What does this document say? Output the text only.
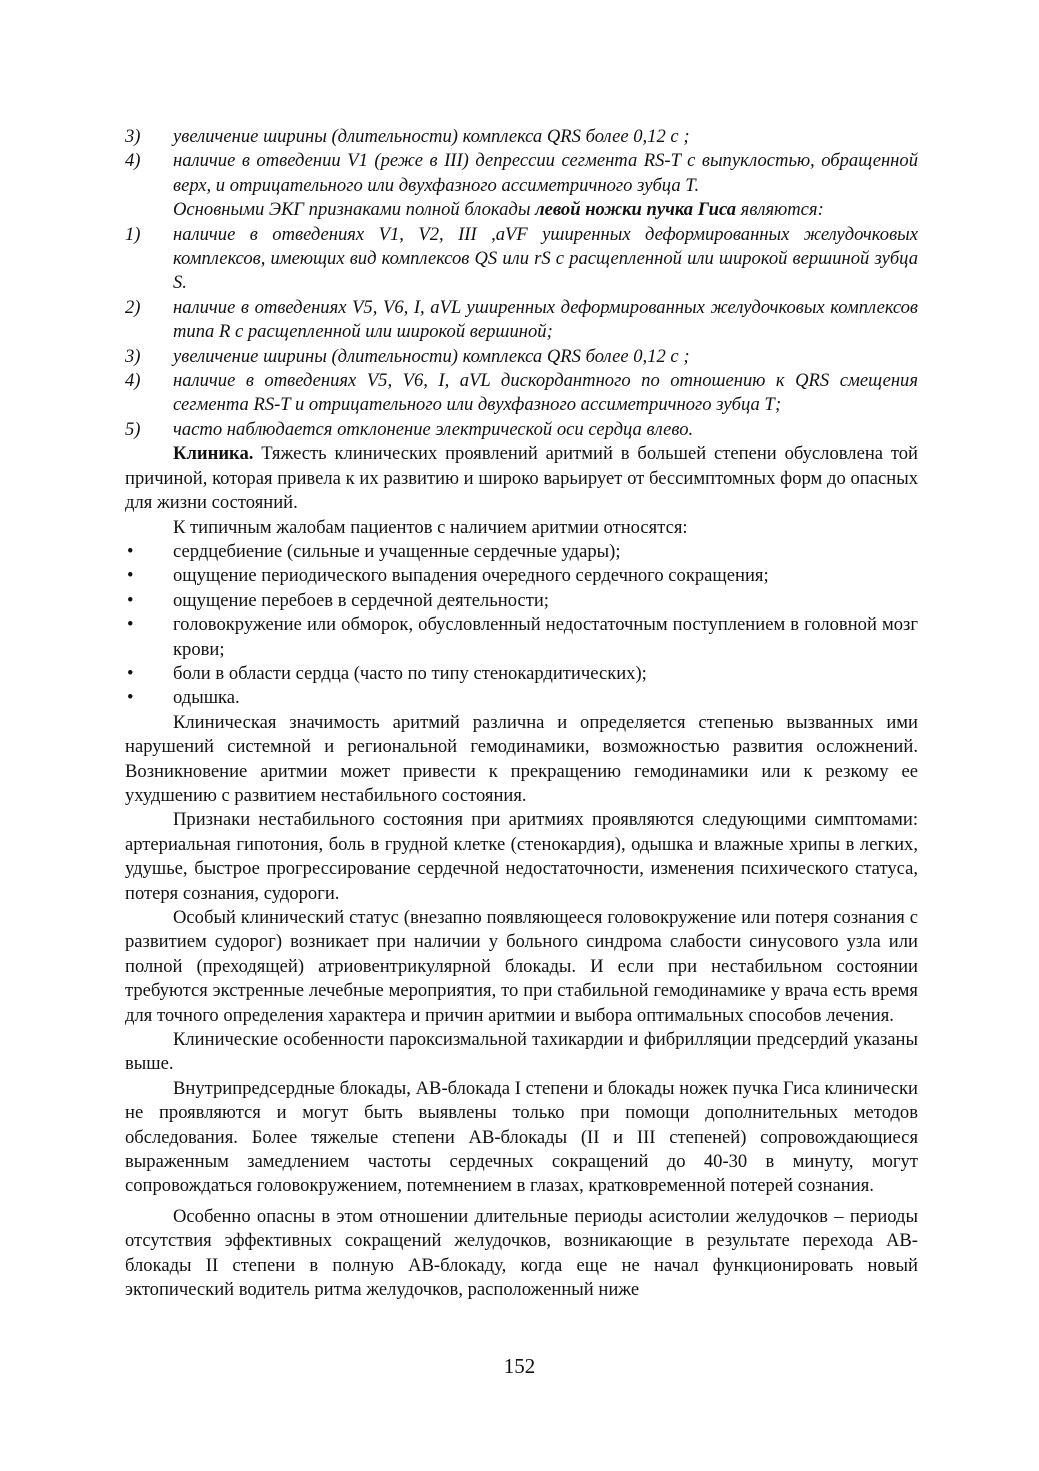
3)	увеличение ширины (длительности) комплекса QRS более 0,12 с ;
4)	наличие в отведении V1 (реже в III) депрессии сегмента RS-T с выпуклостью, обращенной верх, и отрицательного или двухфазного ассиметричного зубца Т.
Основными ЭКГ признаками полной блокады левой ножки пучка Гиса являются:
1)	наличие в отведениях V1, V2, III ,aVF уширенных деформированных желудочковых комплексов, имеющих вид комплексов QS или rS с расщепленной или широкой вершиной зубца S.
2)	наличие в отведениях V5, V6, I, aVL уширенных деформированных желудочковых комплексов типа R с расщепленной или широкой вершиной;
3)	увеличение ширины (длительности) комплекса QRS более 0,12 с ;
4)	наличие в отведениях V5, V6, I, aVL дискордантного по отношению к QRS смещения сегмента RS-T и отрицательного или двухфазного ассиметричного зубца Т;
5)	часто наблюдается отклонение электрической оси сердца влево.

Клиника. Тяжесть клинических проявлений аритмий в большей степени обусловлена той причиной, которая привела к их развитию и широко варьирует от бессимптомных форм до опасных для жизни состояний.

К типичным жалобам пациентов с наличием аритмии относятся:

•	сердцебиение (сильные и учащенные сердечные удары);
•	ощущение периодического выпадения очередного сердечного сокращения;
•	ощущение перебоев в сердечной деятельности;
•	головокружение или обморок, обусловленный недостаточным поступлением в головной мозг крови;
•	боли в области сердца (часто по типу стенокардитических);
•	одышка.

Клиническая значимость аритмий различна и определяется степенью вызванных ими нарушений системной и региональной гемодинамики, возможностью развития осложнений. Возникновение аритмии может привести к прекращению гемодинамики или к резкому ее ухудшению с развитием нестабильного состояния.

Признаки нестабильного состояния при аритмиях проявляются следующими симптомами: артериальная гипотония, боль в грудной клетке (стенокардия), одышка и влажные хрипы в легких, удушье, быстрое прогрессирование сердечной недостаточности, изменения психического статуса, потеря сознания, судороги.

Особый клинический статус (внезапно появляющееся головокружение или потеря сознания с развитием судорог) возникает при наличии у больного синдрома слабости синусового узла или полной (преходящей) атриовентрикулярной блокады. И если при нестабильном состоянии требуются экстренные лечебные мероприятия, то при стабильной гемодинамике у врача есть время для точного определения характера и причин аритмии и выбора оптимальных способов лечения.

Клинические особенности пароксизмальной тахикардии и фибрилляции предсердий указаны выше.

Внутрипредсердные блокады, АВ-блокада I степени и блокады ножек пучка Гиса клинически не проявляются и могут быть выявлены только при помощи дополнительных методов обследования. Более тяжелые степени АВ-блокады (II и III степеней) сопровождающиеся выраженным замедлением частоты сердечных сокращений до 40-30 в минуту, могут сопровождаться головокружением, потемнением в глазах, кратковременной потерей сознания.

Особенно опасны в этом отношении длительные периоды асистолии желудочков – периоды отсутствия эффективных сокращений желудочков, возникающие в результате перехода АВ-блокады II степени в полную АВ-блокаду, когда еще не начал функционировать новый эктопический водитель ритма желудочков, расположенный ниже

152
